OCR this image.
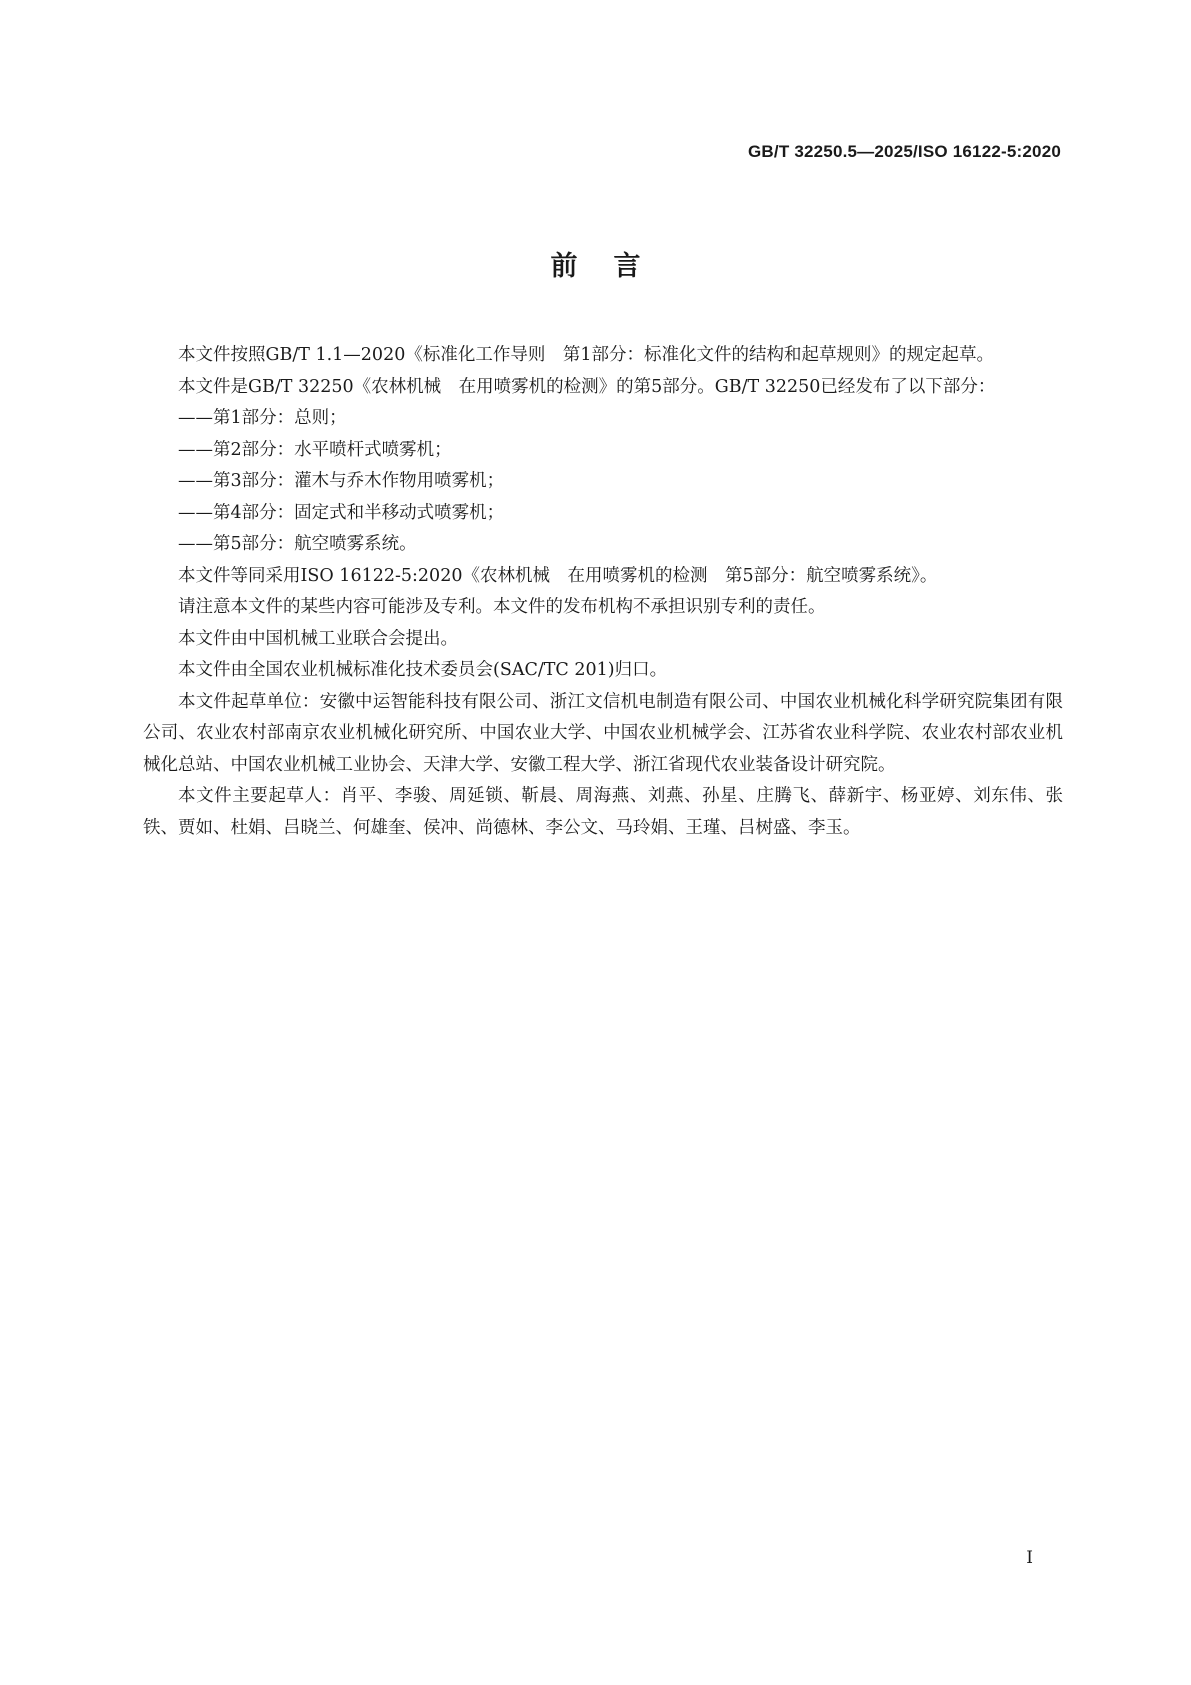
GB/T 32250.5—2025/ISO 16122-5:2020
前言

本文件按照GB/T 1.1—2020《标准化工作导则　第1部分：标准化文件的结构和起草规则》的规定起草。

本文件是GB/T 32250《农林机械　在用喷雾机的检测》的第5部分。GB/T 32250已经发布了以下部分：

——第1部分：总则；

——第2部分：水平喷杆式喷雾机；

——第3部分：灌木与乔木作物用喷雾机；

——第4部分：固定式和半移动式喷雾机；

——第5部分：航空喷雾系统。

本文件等同采用ISO 16122-5:2020《农林机械　在用喷雾机的检测　第5部分：航空喷雾系统》。

请注意本文件的某些内容可能涉及专利。本文件的发布机构不承担识别专利的责任。

本文件由中国机械工业联合会提出。

本文件由全国农业机械标准化技术委员会(SAC/TC 201)归口。

本文件起草单位：安徽中运智能科技有限公司、浙江文信机电制造有限公司、中国农业机械化科学研究院集团有限公司、农业农村部南京农业机械化研究所、中国农业大学、中国农业机械学会、江苏省农业科学院、农业农村部农业机械化总站、中国农业机械工业协会、天津大学、安徽工程大学、浙江省现代农业装备设计研究院。

本文件主要起草人：肖平、李骏、周延锁、靳晨、周海燕、刘燕、孙星、庄腾飞、薛新宇、杨亚婷、刘东伟、张铁、贾如、杜娟、吕晓兰、何雄奎、侯冲、尚德林、李公文、马玲娟、王瑾、吕树盛、李玉。

I
